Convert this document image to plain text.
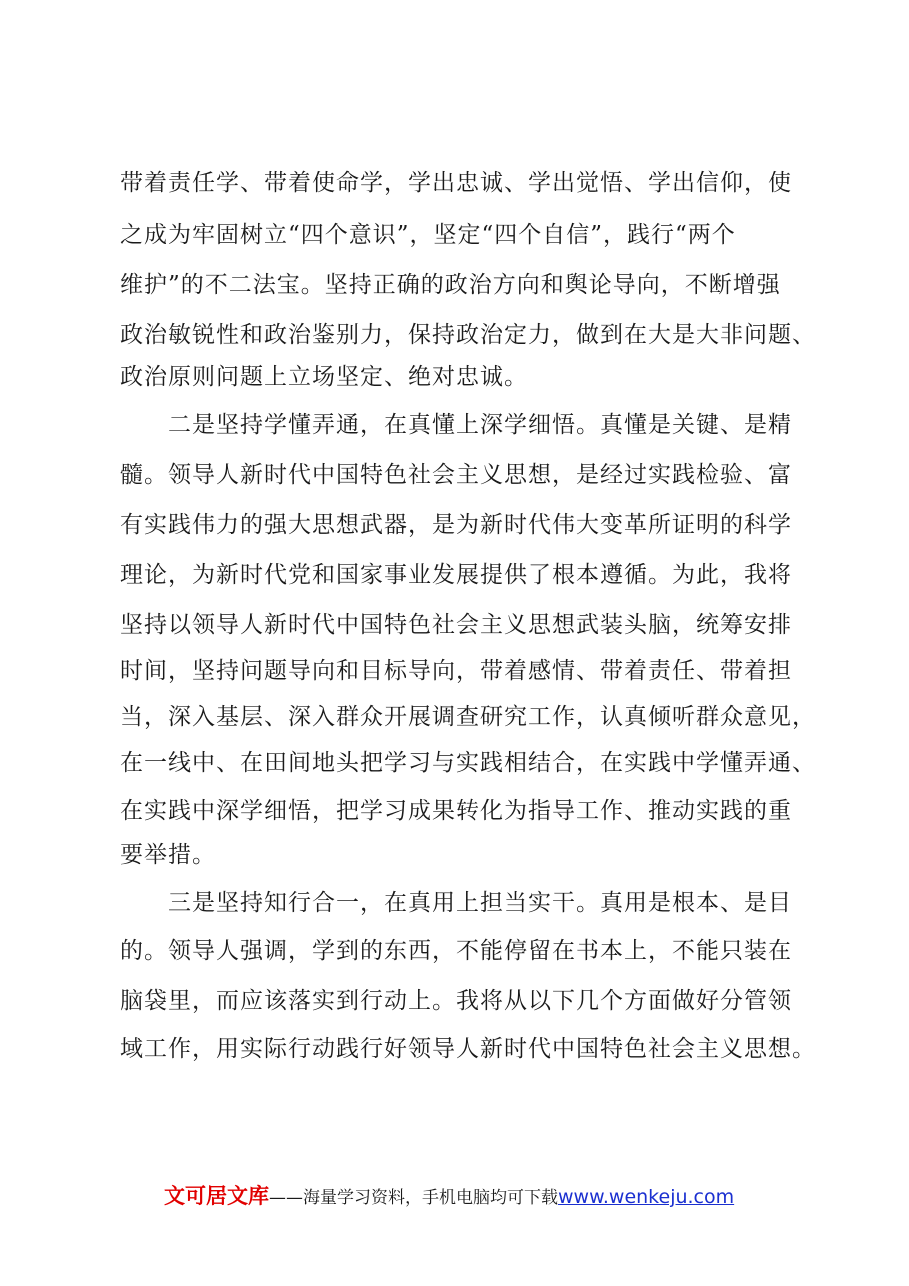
带着责任学、带着使命学，学出忠诚、学出觉悟、学出信仰，使
之成为牢固树立“四个意识”，坚定“四个自信”，践行“两个
维护”的不二法宝。坚持正确的政治方向和舆论导向，不断增强
政治敏锐性和政治鉴别力，保持政治定力，做到在大是大非问题、
政治原则问题上立场坚定、绝对忠诚。
二是坚持学懂弄通，在真懂上深学细悟。真懂是关键、是精
髓。领导人新时代中国特色社会主义思想，是经过实践检验、富
有实践伟力的强大思想武器，是为新时代伟大变革所证明的科学
理论，为新时代党和国家事业发展提供了根本遵循。为此，我将
坚持以领导人新时代中国特色社会主义思想武装头脑，统筹安排
时间，坚持问题导向和目标导向，带着感情、带着责任、带着担
当，深入基层、深入群众开展调查研究工作，认真倾听群众意见，
在一线中、在田间地头把学习与实践相结合，在实践中学懂弄通、
在实践中深学细悟，把学习成果转化为指导工作、推动实践的重
要举措。
三是坚持知行合一，在真用上担当实干。真用是根本、是目
的。领导人强调，学到的东西，不能停留在书本上，不能只装在
脑袋里，而应该落实到行动上。我将从以下几个方面做好分管领
域工作，用实际行动践行好领导人新时代中国特色社会主义思想。
文可居文库——海量学习资料，手机电脑均可下载www.wenkeju.com
